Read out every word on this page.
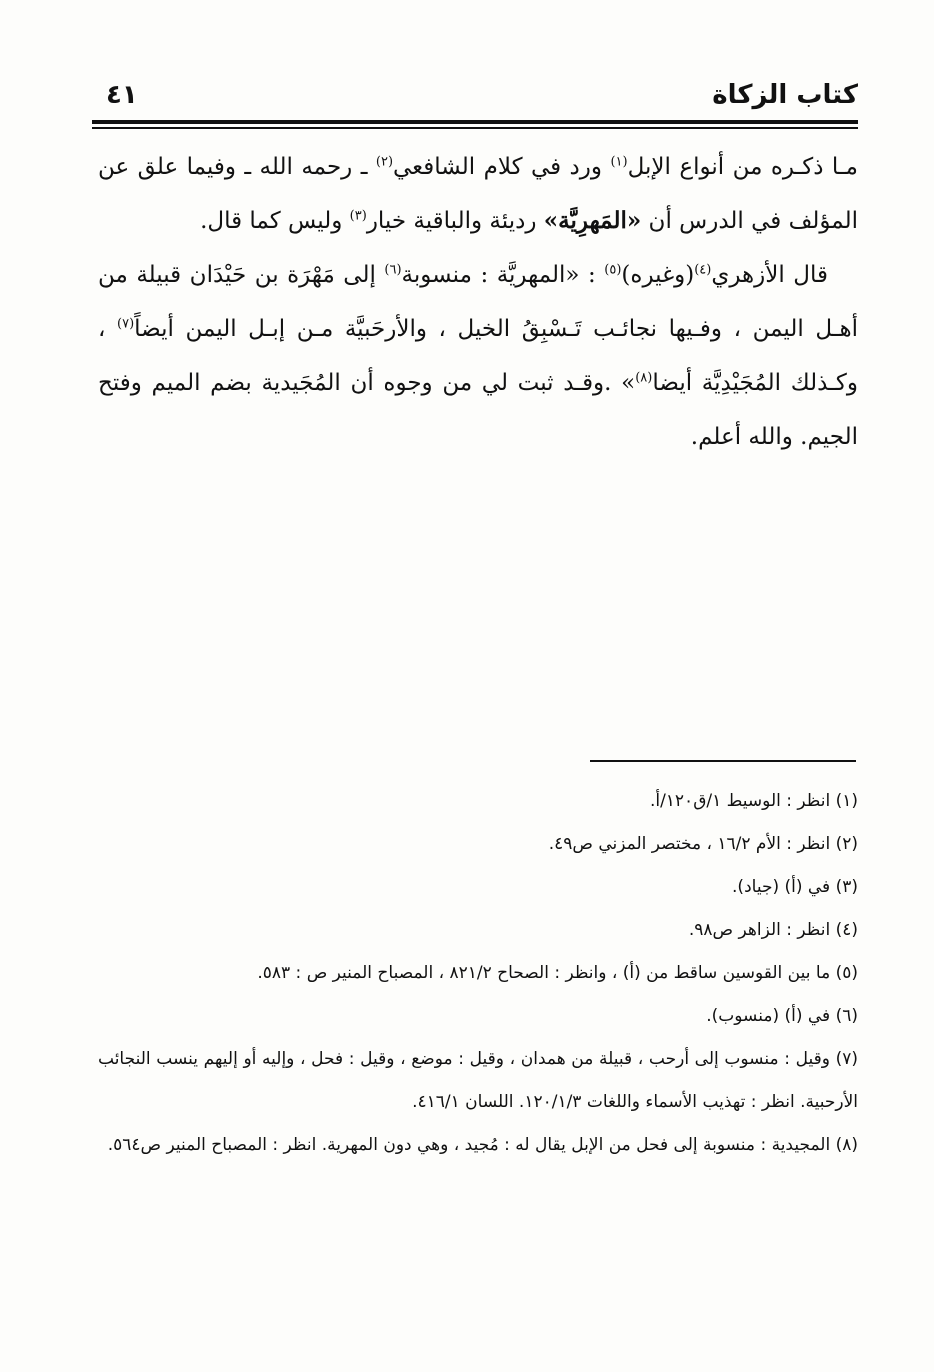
كتاب الزكاة
٤١

مـا ذكـره من أنواع الإبل$^{(١)}$ ورد في كلام الشافعي$^{(٢)}$ ـ رحمه الله ـ وفيما علق عن المؤلف في الدرس أن «المَهرِيَّة» رديئة والباقية خيار$^{(٣)}$ وليس كما قال.

قال الأزهري$^{(٤)}$(وغيره)$^{(٥)}$ : «المهريَّة : منسوبة$^{(٦)}$ إلى مَهْرَة بن حَيْدَان قبيلة من أهـل اليمن ، وفـيها نجائـب تَـسْبِقُ الخيل ، والأرحَبيَّة مـن إبـل اليمن أيضاً$^{(٧)}$ ، وكـذلك المُجَيْدِيَّة أيضا$^{(٨)}$» .وقـد ثبت لي من وجوه أن المُجَيدية بضم الميم وفتح الجيم. والله أعلم.

(١) انظر : الوسيط ١/ق١٢٠/أ.

(٢) انظر : الأم ١٦/٢ ، مختصر المزني ص٤٩.

(٣) في (أ) (جياد).

(٤) انظر : الزاهر ص٩٨.

(٥) ما بين القوسين ساقط من (أ) ، وانظر : الصحاح ٨٢١/٢ ، المصباح المنير ص : ٥٨٣.

(٦) في (أ) (منسوب).

(٧) وقيل : منسوب إلى أرحب ، قبيلة من همدان ، وقيل : موضع ، وقيل : فحل ، وإليه أو إليهم ينسب النجائب الأرحبية. انظر : تهذيب الأسماء واللغات ١٢٠/١/٣. اللسان ٤١٦/١.

(٨) المجيدية : منسوبة إلى فحل من الإبل يقال له : مُجيد ، وهي دون المهرية. انظر : المصباح المنير ص٥٦٤.
